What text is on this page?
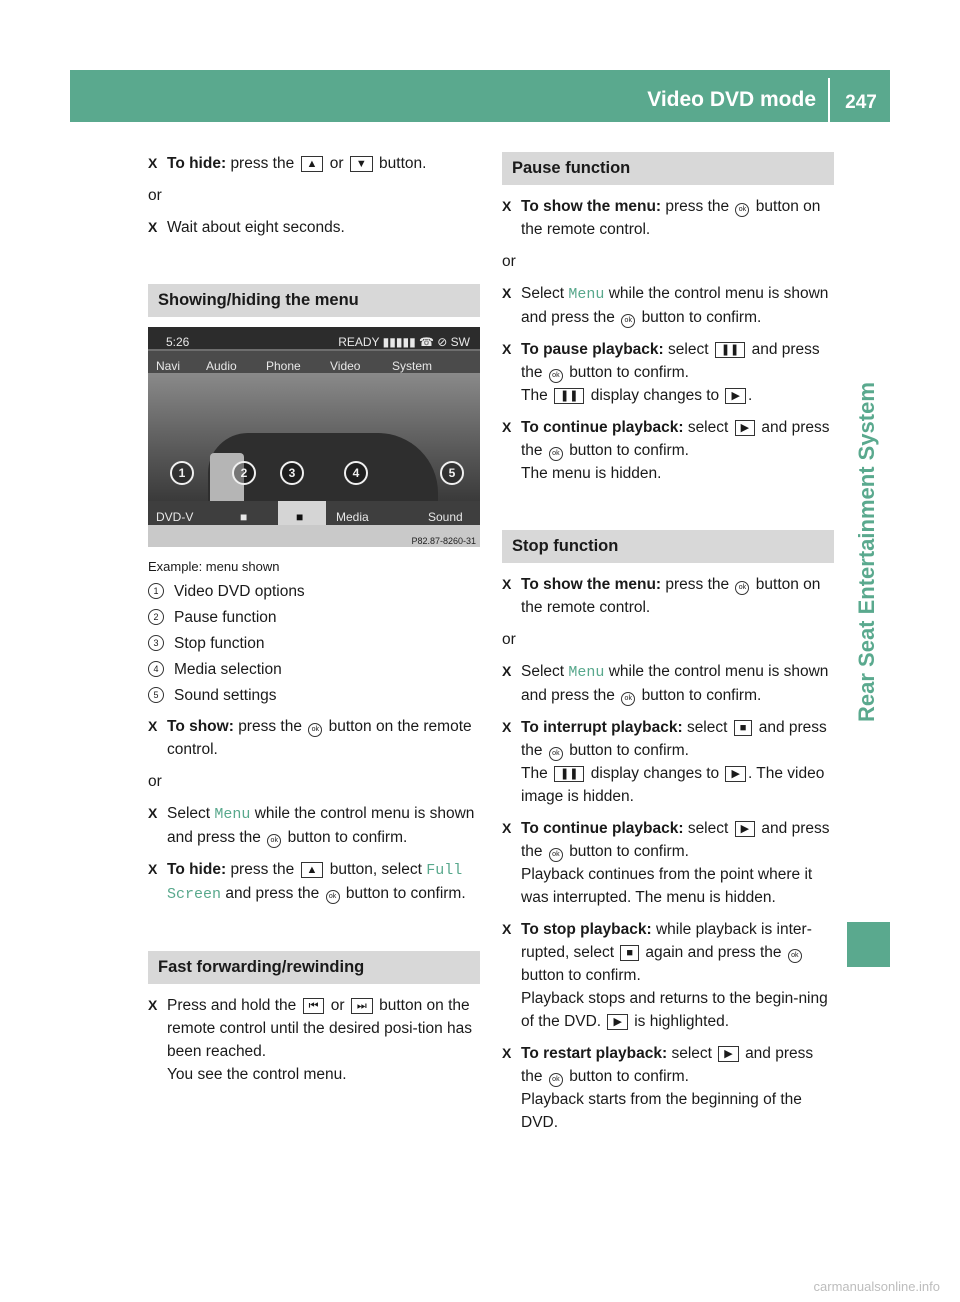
Video DVD mode	247
Rear Seat Entertainment System
X To hide: press the ▲ or ▼ button.
or
X Wait about eight seconds.
Showing/hiding the menu
5:26	READY ▮▮▮▮▮ ☎ ⊘ SW
Navi Audio Phone Video	System
1	2	3	4	5
DVD-V	■	■	Media	Sound
P82.87-8260-31
Example: menu shown
1	Video DVD options
2	Pause function
3	Stop function
4	Media selection
5	Sound settings
X To show: press the ok button on the remote control.
or
X Select Menu while the control menu is shown and press the ok button to confirm.
X To hide: press the ▲ button, select Full Screen and press the ok button to confirm.
Fast forwarding/rewinding
X Press and hold the ⏮ or ⏭ button on the remote control until the desired posi-tion has been reached.
You see the control menu.
Pause function
X To show the menu: press the ok button on the remote control.
or
X Select Menu while the control menu is shown and press the ok button to confirm.
X To pause playback: select ❚❚ and press the ok button to confirm.
The ❚❚ display changes to ▶ .
X To continue playback: select ▶ and press the ok button to confirm.
The menu is hidden.
Stop function
X To show the menu: press the ok button on the remote control.
or
X Select Menu while the control menu is shown and press the ok button to confirm.
X To interrupt playback: select ■ and press the ok button to confirm.
The ❚❚ display changes to ▶ . The video image is hidden.
X To continue playback: select ▶ and press the ok button to confirm.
Playback continues from the point where it was interrupted. The menu is hidden.
X To stop playback: while playback is inter-rupted, select ■ again and press the ok button to confirm.
Playback stops and returns to the begin-ning of the DVD. ▶ is highlighted.
X To restart playback: select ▶ and press the ok button to confirm.
Playback starts from the beginning of the DVD.
carmanualsonline.info
